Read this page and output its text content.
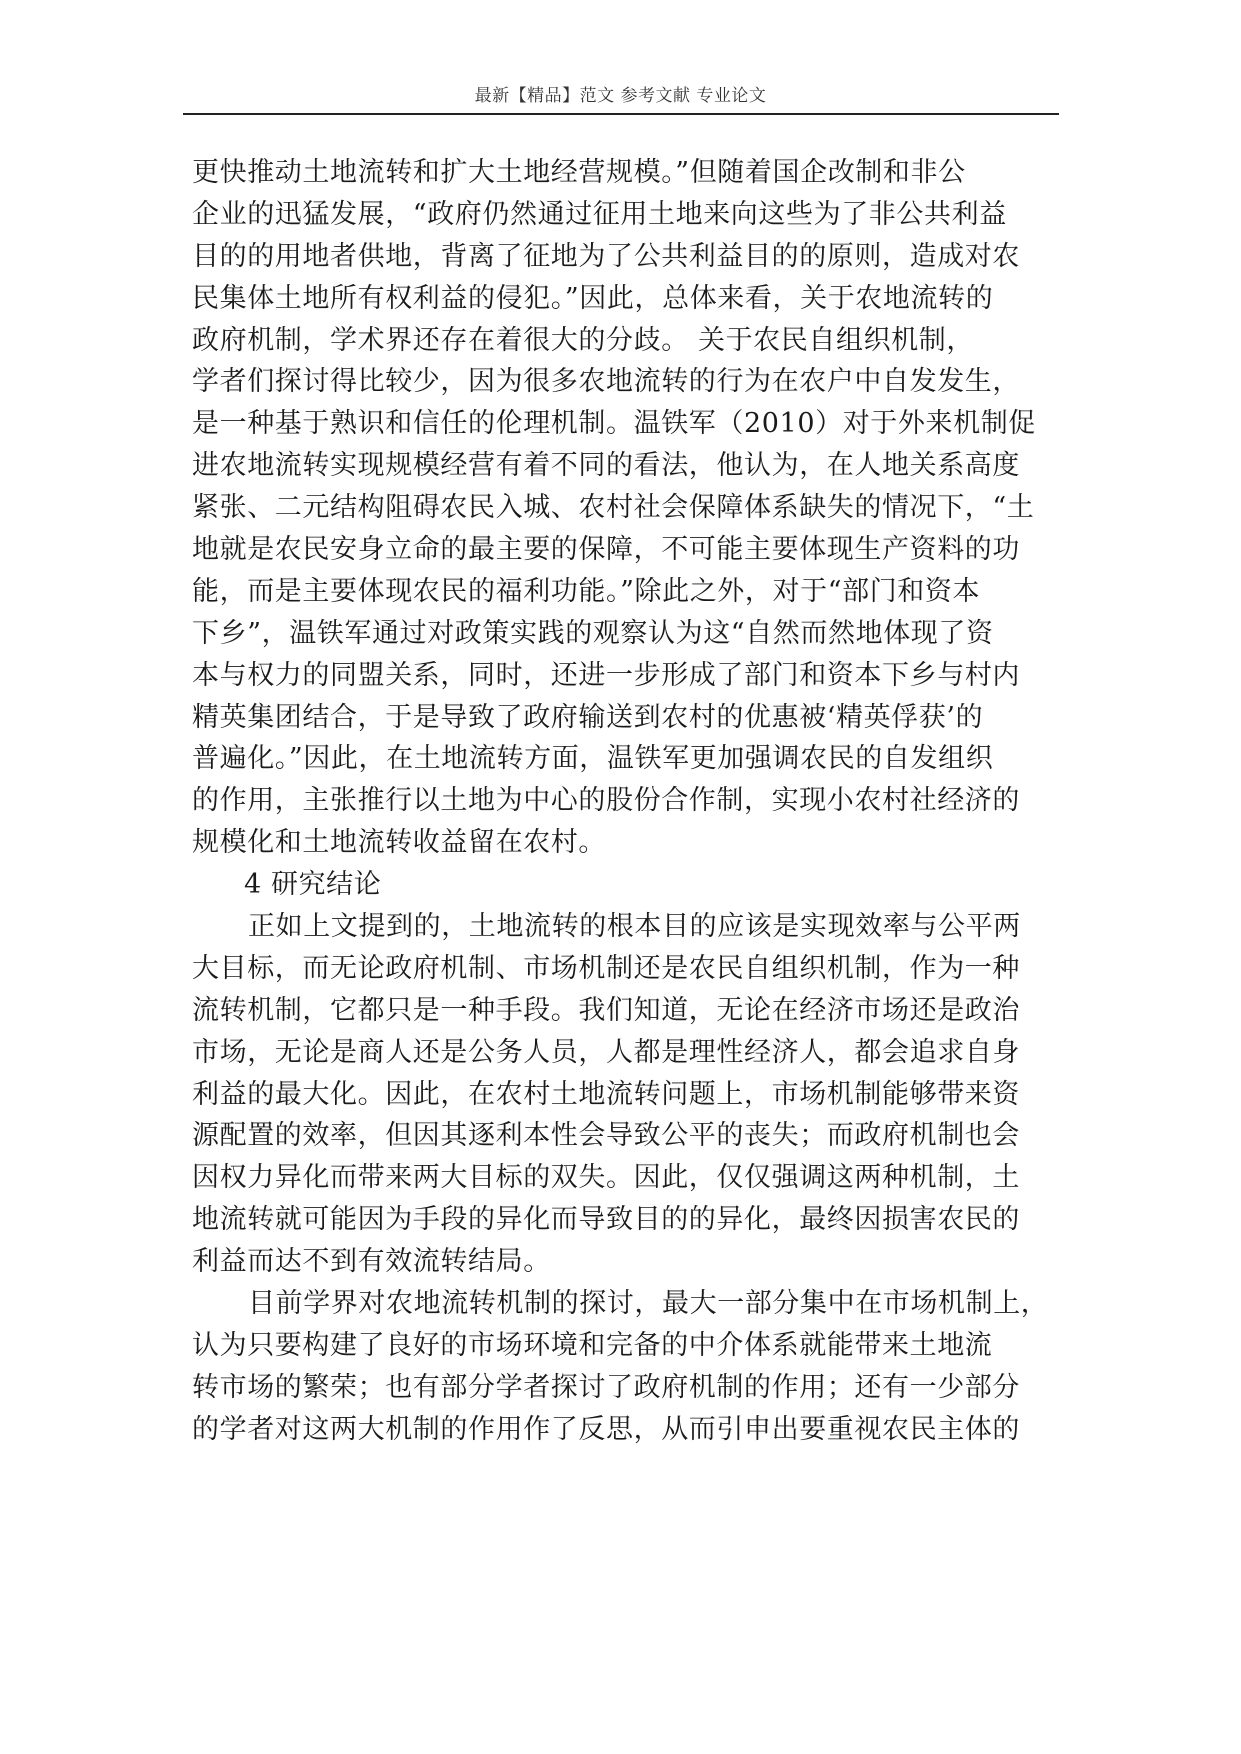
最新【精品】范文 参考文献 专业论文
更快推动土地流转和扩大土地经营规模。”但随着国企改制和非公
企业的迅猛发展，“政府仍然通过征用土地来向这些为了非公共利益
目的的用地者供地，背离了征地为了公共利益目的的原则，造成对农
民集体土地所有权利益的侵犯。”因此，总体来看，关于农地流转的
政府机制，学术界还存在着很大的分歧。 关于农民自组织机制，
学者们探讨得比较少，因为很多农地流转的行为在农户中自发发生，
是一种基于熟识和信任的伦理机制。温铁军（2010）对于外来机制促
进农地流转实现规模经营有着不同的看法，他认为，在人地关系高度
紧张、二元结构阻碍农民入城、农村社会保障体系缺失的情况下，“土
地就是农民安身立命的最主要的保障，不可能主要体现生产资料的功
能，而是主要体现农民的福利功能。”除此之外，对于“部门和资本
下乡”，温铁军通过对政策实践的观察认为这“自然而然地体现了资
本与权力的同盟关系，同时，还进一步形成了部门和资本下乡与村内
精英集团结合，于是导致了政府输送到农村的优惠被‘精英俘获’的
普遍化。”因此，在土地流转方面，温铁军更加强调农民的自发组织
的作用，主张推行以土地为中心的股份合作制，实现小农村社经济的
规模化和土地流转收益留在农村。
4 研究结论
正如上文提到的，土地流转的根本目的应该是实现效率与公平两
大目标，而无论政府机制、市场机制还是农民自组织机制，作为一种
流转机制，它都只是一种手段。我们知道，无论在经济市场还是政治
市场，无论是商人还是公务人员，人都是理性经济人，都会追求自身
利益的最大化。因此，在农村土地流转问题上，市场机制能够带来资
源配置的效率，但因其逐利本性会导致公平的丧失；而政府机制也会
因权力异化而带来两大目标的双失。因此，仅仅强调这两种机制，土
地流转就可能因为手段的异化而导致目的的异化，最终因损害农民的
利益而达不到有效流转结局。
目前学界对农地流转机制的探讨，最大一部分集中在市场机制上，
认为只要构建了良好的市场环境和完备的中介体系就能带来土地流
转市场的繁荣；也有部分学者探讨了政府机制的作用；还有一少部分
的学者对这两大机制的作用作了反思，从而引申出要重视农民主体的
